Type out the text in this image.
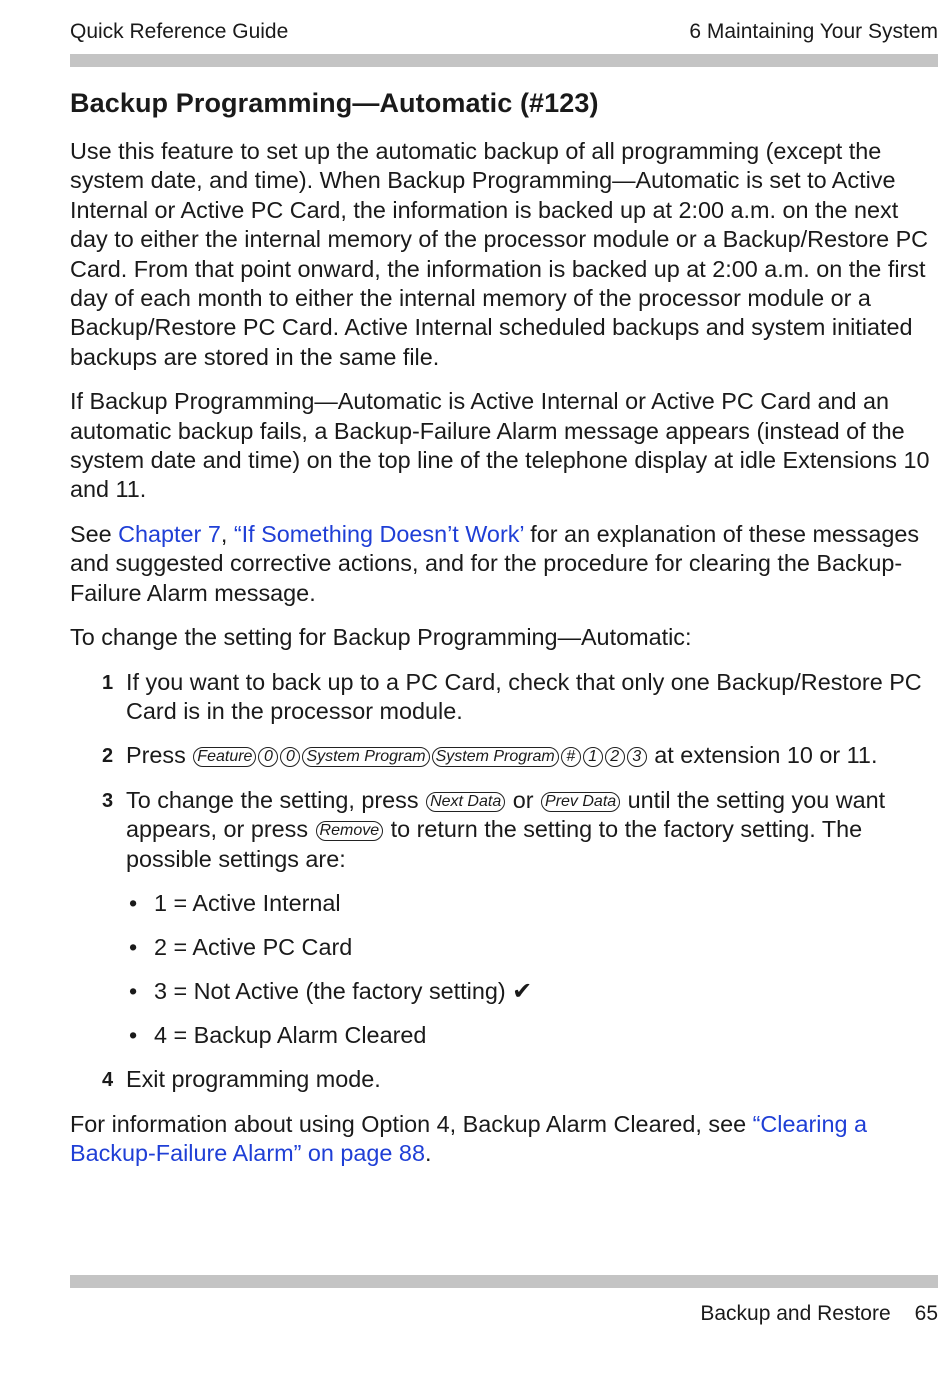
Quick Reference Guide	6 Maintaining Your System
Backup Programming—Automatic (#123)

Use this feature to set up the automatic backup of all programming (except the system date, and time). When Backup Programming—Automatic is set to Active Internal or Active PC Card, the information is backed up at 2:00 a.m. on the next day to either the internal memory of the processor module or a Backup/Restore PC Card. From that point onward, the information is backed up at 2:00 a.m. on the first day of each month to either the internal memory of the processor module or a Backup/Restore PC Card. Active Internal scheduled backups and system initiated backups are stored in the same file.

If Backup Programming—Automatic is Active Internal or Active PC Card and an automatic backup fails, a Backup-Failure Alarm message appears (instead of the system date and time) on the top line of the telephone display at idle Extensions 10 and 11.

See Chapter 7, “If Something Doesn’t Work’ for an explanation of these messages and suggested corrective actions, and for the procedure for clearing the Backup-Failure Alarm message.

To change the setting for Backup Programming—Automatic:

1 If you want to back up to a PC Card, check that only one Backup/Restore PC Card is in the processor module.
2 Press Feature 0 0 System Program System Program # 1 2 3 at extension 10 or 11.
3 To change the setting, press Next Data or Prev Data until the setting you want appears, or press Remove to return the setting to the factory setting. The possible settings are:
• 1 = Active Internal
• 2 = Active PC Card
• 3 = Not Active (the factory setting) ✔
• 4 = Backup Alarm Cleared
4 Exit programming mode.

For information about using Option 4, Backup Alarm Cleared, see “Clearing a Backup-Failure Alarm” on page 88.

Backup and Restore 65
